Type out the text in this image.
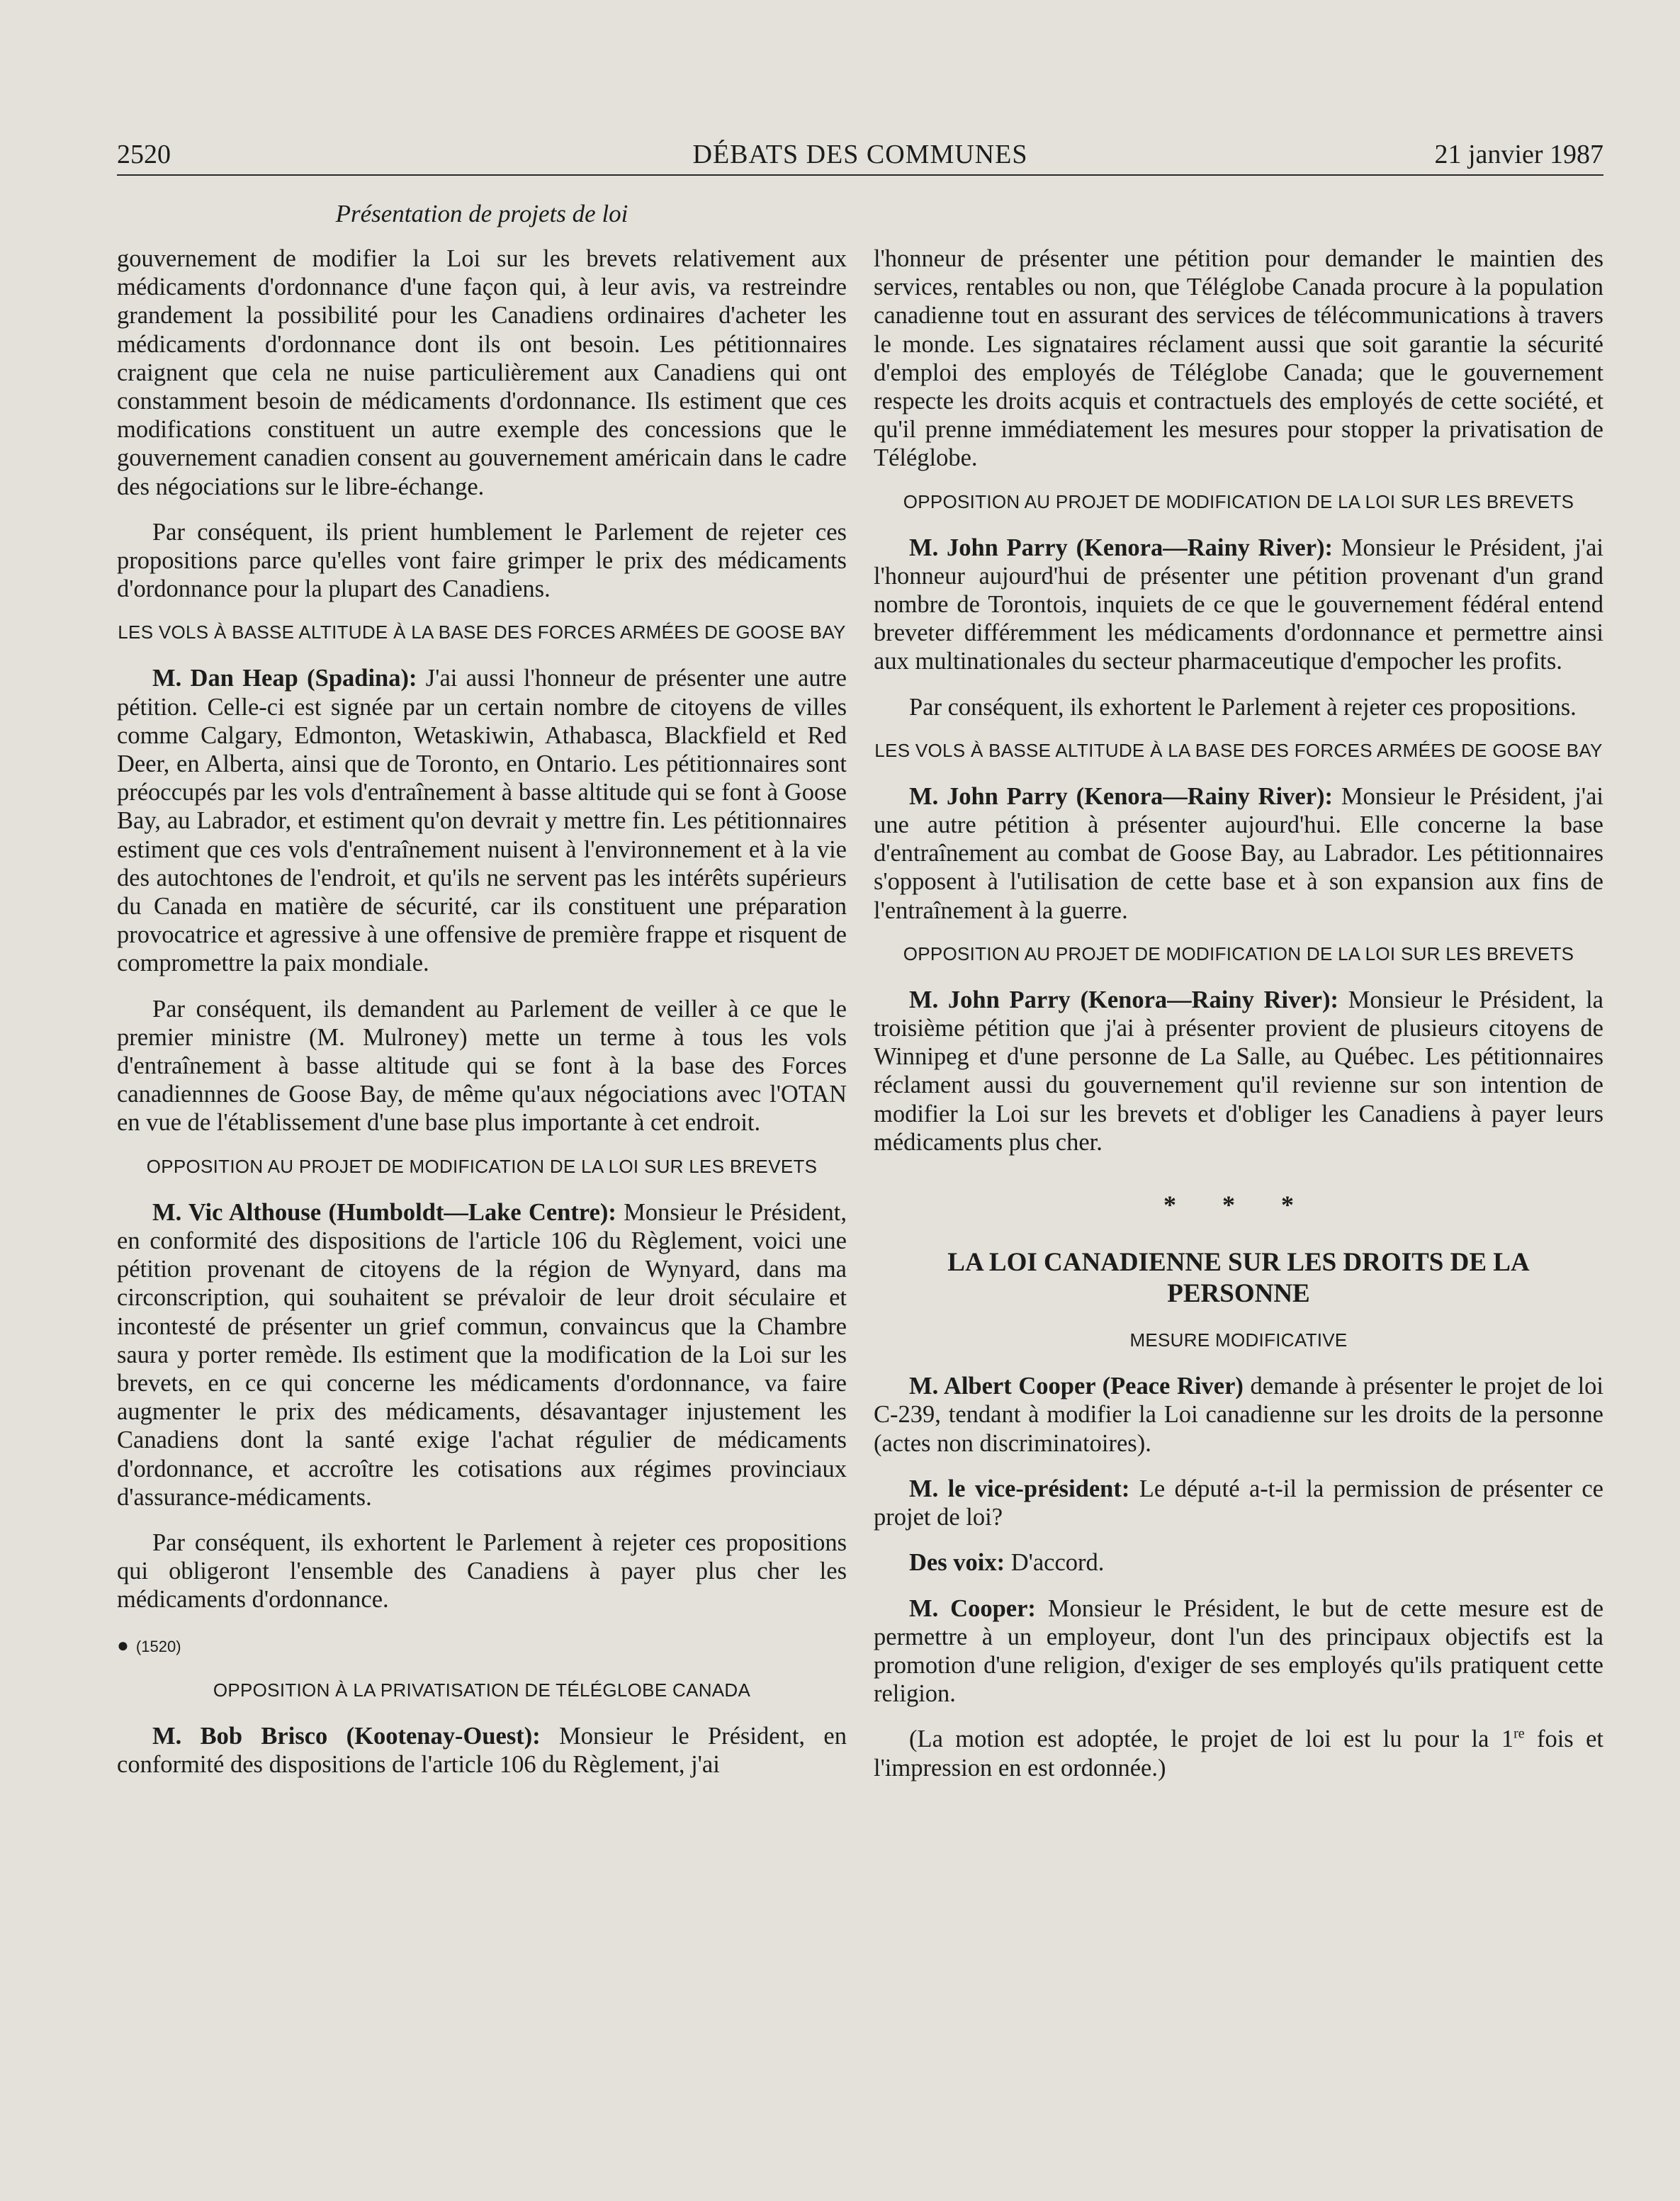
2520	DÉBATS DES COMMUNES	21 janvier 1987
Présentation de projets de loi

gouvernement de modifier la Loi sur les brevets relativement aux médicaments d'ordonnance d'une façon qui, à leur avis, va restreindre grandement la possibilité pour les Canadiens ordinaires d'acheter les médicaments d'ordonnance dont ils ont besoin. Les pétitionnaires craignent que cela ne nuise particulièrement aux Canadiens qui ont constamment besoin de médicaments d'ordonnance. Ils estiment que ces modifications constituent un autre exemple des concessions que le gouvernement canadien consent au gouvernement américain dans le cadre des négociations sur le libre-échange.

Par conséquent, ils prient humblement le Parlement de rejeter ces propositions parce qu'elles vont faire grimper le prix des médicaments d'ordonnance pour la plupart des Canadiens.

LES VOLS À BASSE ALTITUDE À LA BASE DES FORCES ARMÉES DE GOOSE BAY

M. Dan Heap (Spadina): J'ai aussi l'honneur de présenter une autre pétition. Celle-ci est signée par un certain nombre de citoyens de villes comme Calgary, Edmonton, Wetaskiwin, Athabasca, Blackfield et Red Deer, en Alberta, ainsi que de Toronto, en Ontario. Les pétitionnaires sont préoccupés par les vols d'entraînement à basse altitude qui se font à Goose Bay, au Labrador, et estiment qu'on devrait y mettre fin. Les pétitionnaires estiment que ces vols d'entraînement nuisent à l'environnement et à la vie des autochtones de l'endroit, et qu'ils ne servent pas les intérêts supérieurs du Canada en matière de sécurité, car ils constituent une préparation provocatrice et agressive à une offensive de première frappe et risquent de compromettre la paix mondiale.

Par conséquent, ils demandent au Parlement de veiller à ce que le premier ministre (M. Mulroney) mette un terme à tous les vols d'entraînement à basse altitude qui se font à la base des Forces canadiennnes de Goose Bay, de même qu'aux négociations avec l'OTAN en vue de l'établissement d'une base plus importante à cet endroit.

OPPOSITION AU PROJET DE MODIFICATION DE LA LOI SUR LES BREVETS

M. Vic Althouse (Humboldt—Lake Centre): Monsieur le Président, en conformité des dispositions de l'article 106 du Règlement, voici une pétition provenant de citoyens de la région de Wynyard, dans ma circonscription, qui souhaitent se prévaloir de leur droit séculaire et incontesté de présenter un grief commun, convaincus que la Chambre saura y porter remède. Ils estiment que la modification de la Loi sur les brevets, en ce qui concerne les médicaments d'ordonnance, va faire augmenter le prix des médicaments, désavantager injustement les Canadiens dont la santé exige l'achat régulier de médicaments d'ordonnance, et accroître les cotisations aux régimes provinciaux d'assurance-médicaments.

Par conséquent, ils exhortent le Parlement à rejeter ces propositions qui obligeront l'ensemble des Canadiens à payer plus cher les médicaments d'ordonnance.

● (1520)
OPPOSITION À LA PRIVATISATION DE TÉLÉGLOBE CANADA

M. Bob Brisco (Kootenay-Ouest): Monsieur le Président, en conformité des dispositions de l'article 106 du Règlement, j'ai

l'honneur de présenter une pétition pour demander le maintien des services, rentables ou non, que Téléglobe Canada procure à la population canadienne tout en assurant des services de télécommunications à travers le monde. Les signataires réclament aussi que soit garantie la sécurité d'emploi des employés de Téléglobe Canada; que le gouvernement respecte les droits acquis et contractuels des employés de cette société, et qu'il prenne immédiatement les mesures pour stopper la privatisation de Téléglobe.

OPPOSITION AU PROJET DE MODIFICATION DE LA LOI SUR LES BREVETS

M. John Parry (Kenora—Rainy River): Monsieur le Président, j'ai l'honneur aujourd'hui de présenter une pétition provenant d'un grand nombre de Torontois, inquiets de ce que le gouvernement fédéral entend breveter différemment les médicaments d'ordonnance et permettre ainsi aux multinationales du secteur pharmaceutique d'empocher les profits.

Par conséquent, ils exhortent le Parlement à rejeter ces propositions.

LES VOLS À BASSE ALTITUDE À LA BASE DES FORCES ARMÉES DE GOOSE BAY

M. John Parry (Kenora—Rainy River): Monsieur le Président, j'ai une autre pétition à présenter aujourd'hui. Elle concerne la base d'entraînement au combat de Goose Bay, au Labrador. Les pétitionnaires s'opposent à l'utilisation de cette base et à son expansion aux fins de l'entraînement à la guerre.

OPPOSITION AU PROJET DE MODIFICATION DE LA LOI SUR LES BREVETS

M. John Parry (Kenora—Rainy River): Monsieur le Président, la troisième pétition que j'ai à présenter provient de plusieurs citoyens de Winnipeg et d'une personne de La Salle, au Québec. Les pétitionnaires réclament aussi du gouvernement qu'il revienne sur son intention de modifier la Loi sur les brevets et d'obliger les Canadiens à payer leurs médicaments plus cher.

* * *
LA LOI CANADIENNE SUR LES DROITS DE LA PERSONNE
MESURE MODIFICATIVE

M. Albert Cooper (Peace River) demande à présenter le projet de loi C-239, tendant à modifier la Loi canadienne sur les droits de la personne (actes non discriminatoires).

M. le vice-président: Le député a-t-il la permission de présenter ce projet de loi?

Des voix: D'accord.

M. Cooper: Monsieur le Président, le but de cette mesure est de permettre à un employeur, dont l'un des principaux objectifs est la promotion d'une religion, d'exiger de ses employés qu'ils pratiquent cette religion.

(La motion est adoptée, le projet de loi est lu pour la 1re fois et l'impression en est ordonnée.)
